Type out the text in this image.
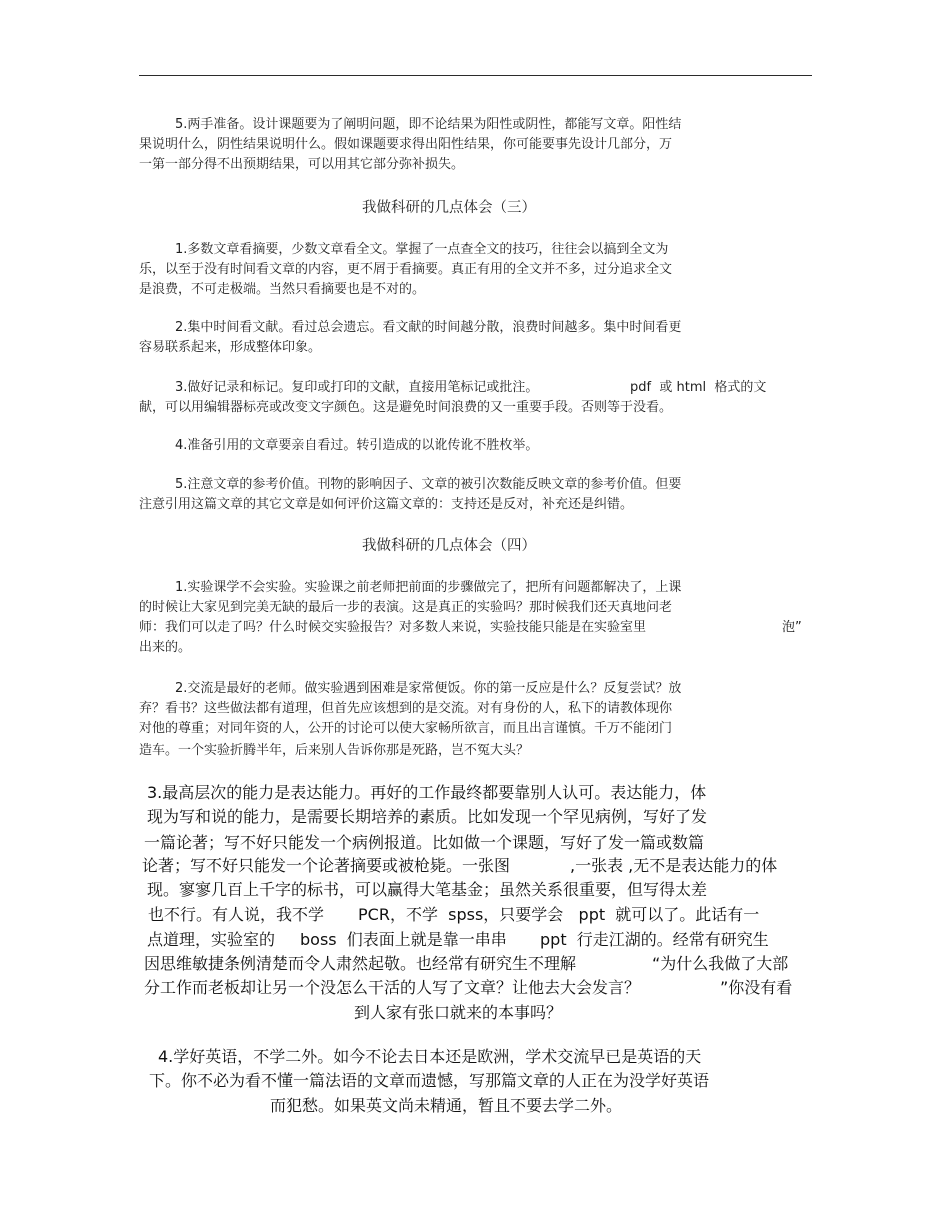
5.两手准备。设计课题要为了阐明问题，即不论结果为阳性或阴性，都能写文章。阳性结
果说明什么，阴性结果说明什么。假如课题要求得出阳性结果，你可能要事先设计几部分，万
一第一部分得不出预期结果，可以用其它部分弥补损失。
我做科研的几点体会（三）
1.多数文章看摘要，少数文章看全文。掌握了一点查全文的技巧，往往会以搞到全文为
乐，以至于没有时间看文章的内容，更不屑于看摘要。真正有用的全文并不多，过分追求全文
是浪费，不可走极端。当然只看摘要也是不对的。
2.集中时间看文献。看过总会遗忘。看文献的时间越分散，浪费时间越多。集中时间看更
容易联系起来，形成整体印象。
3.做好记录和标记。复印或打印的文献，直接用笔标记或批注。	pdf  或 html  格式的文
献，可以用编辑器标亮或改变文字颜色。这是避免时间浪费的又一重要手段。否则等于没看。
4.准备引用的文章要亲自看过。转引造成的以讹传讹不胜枚举。
5.注意文章的参考价值。刊物的影响因子、文章的被引次数能反映文章的参考价值。但要
注意引用这篇文章的其它文章是如何评价这篇文章的：支持还是反对，补充还是纠错。
我做科研的几点体会（四）
1.实验课学不会实验。实验课之前老师把前面的步骤做完了，把所有问题都解决了，上课
的时候让大家见到完美无缺的最后一步的表演。这是真正的实验吗？那时候我们还天真地问老
师：我们可以走了吗？什么时候交实验报告？对多数人来说，实验技能只能是在实验室里	泡”
出来的。
2.交流是最好的老师。做实验遇到困难是家常便饭。你的第一反应是什么？反复尝试？放
弃？看书？这些做法都有道理，但首先应该想到的是交流。对有身份的人，私下的请教体现你
对他的尊重；对同年资的人，公开的讨论可以使大家畅所欲言，而且出言谨慎。千万不能闭门
造车。一个实验折腾半年，后来别人告诉你那是死路，岂不冤大头？
3.最高层次的能力是表达能力。再好的工作最终都要靠别人认可。表达能力，体
现为写和说的能力，是需要长期培养的素质。比如发现一个罕见病例，写好了发
一篇论著；写不好只能发一个病例报道。比如做一个课题，写好了发一篇或数篇
论著；写不好只能发一个论著摘要或被枪毙。一张图	,一张表 ,无不是表达能力的体
现。寥寥几百上千字的标书，可以赢得大笔基金；虽然关系很重要，但写得太差
也不行。有人说，我不学 PCR，不学  spss，只要学会   ppt  就可以了。此话有一
点道理，实验室的 boss  们表面上就是靠一串串 ppt  行走江湖的。经常有研究生
因思维敏捷条例清楚而令人肃然起敬。也经常有研究生不理解	“为什么我做了大部
分工作而老板却让另一个没怎么干活的人写了文章？让他去大会发言？	”你没有看
到人家有张口就来的本事吗？
4.学好英语，不学二外。如今不论去日本还是欧洲，学术交流早已是英语的天
下。你不必为看不懂一篇法语的文章而遗憾，写那篇文章的人正在为没学好英语
而犯愁。如果英文尚未精通，暂且不要去学二外。
